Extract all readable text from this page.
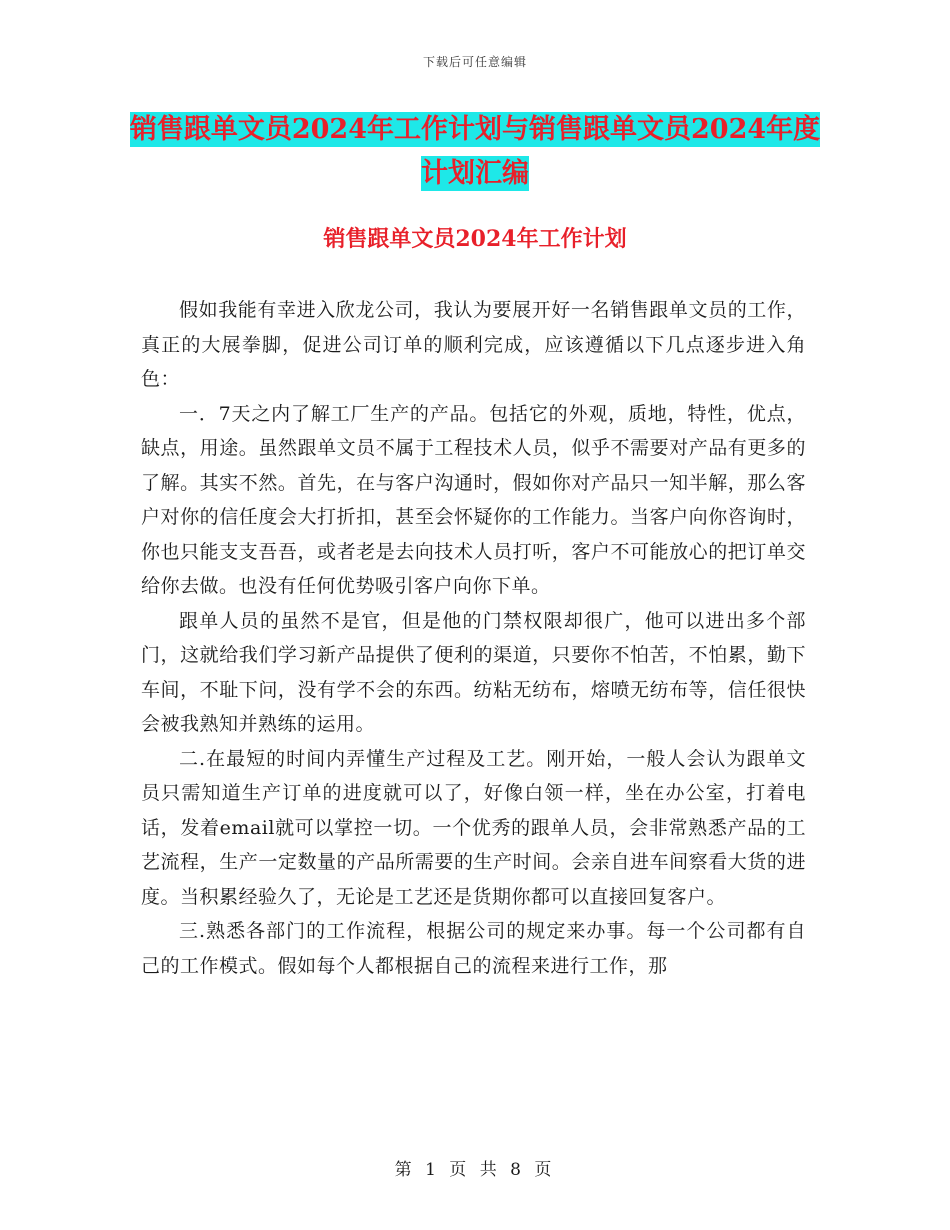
下载后可任意编辑
销售跟单文员2024年工作计划与销售跟单文员2024年度计划汇编
销售跟单文员2024年工作计划

假如我能有幸进入欣龙公司，我认为要展开好一名销售跟单文员的工作，真正的大展拳脚，促进公司订单的顺利完成，应该遵循以下几点逐步进入角色：

一．7天之内了解工厂生产的产品。包括它的外观，质地，特性，优点，缺点，用途。虽然跟单文员不属于工程技术人员，似乎不需要对产品有更多的了解。其实不然。首先，在与客户沟通时，假如你对产品只一知半解，那么客户对你的信任度会大打折扣，甚至会怀疑你的工作能力。当客户向你咨询时，你也只能支支吾吾，或者老是去向技术人员打听，客户不可能放心的把订单交给你去做。也没有任何优势吸引客户向你下单。

跟单人员的虽然不是官，但是他的门禁权限却很广，他可以进出多个部门，这就给我们学习新产品提供了便利的渠道，只要你不怕苦，不怕累，勤下车间，不耻下问，没有学不会的东西。纺粘无纺布，熔喷无纺布等，信任很快会被我熟知并熟练的运用。

二.在最短的时间内弄懂生产过程及工艺。刚开始，一般人会认为跟单文员只需知道生产订单的进度就可以了，好像白领一样，坐在办公室，打着电话，发着email就可以掌控一切。一个优秀的跟单人员，会非常熟悉产品的工艺流程，生产一定数量的产品所需要的生产时间。会亲自进车间察看大货的进度。当积累经验久了，无论是工艺还是货期你都可以直接回复客户。

三.熟悉各部门的工作流程，根据公司的规定来办事。每一个公司都有自己的工作模式。假如每个人都根据自己的流程来进行工作，那

第 1 页 共 8 页
